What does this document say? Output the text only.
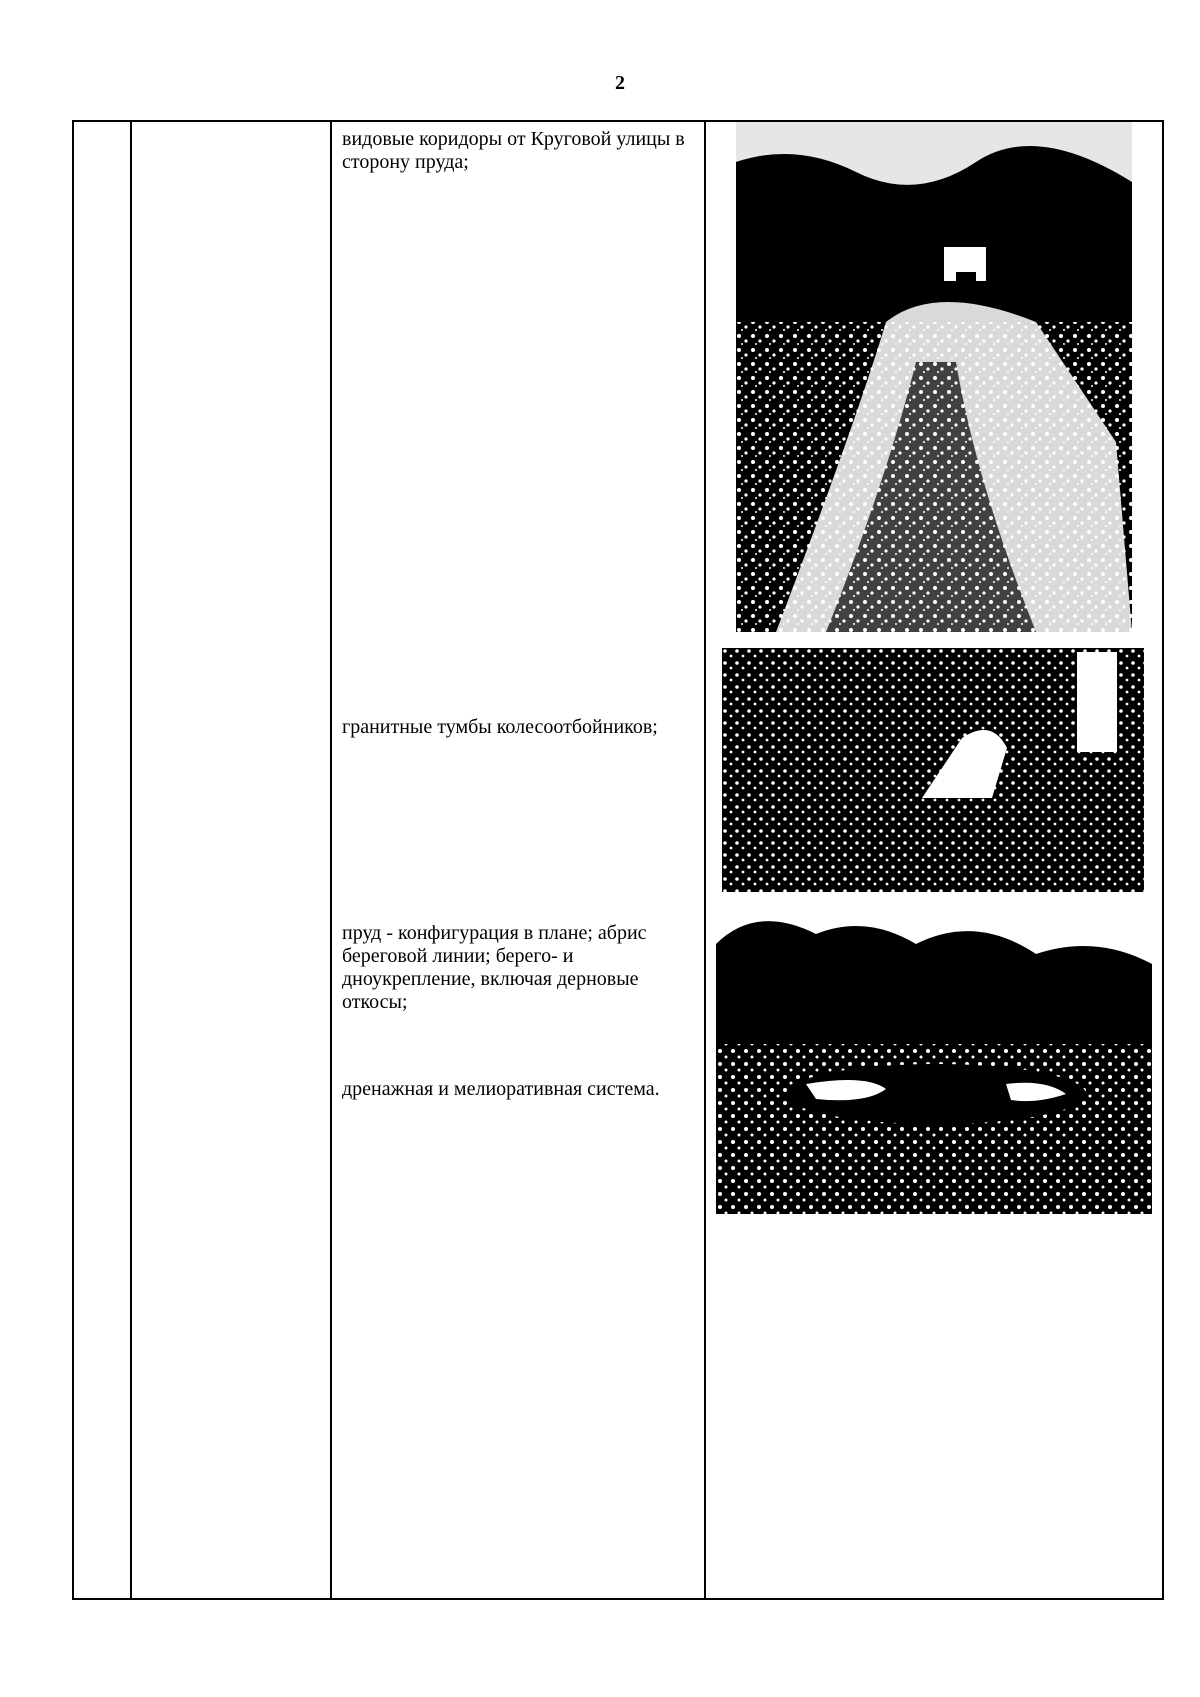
2
видовые коридоры от Круговой улицы в сторону пруда;
гранитные тумбы колесоотбойников;
пруд - конфигурация в плане; абрис береговой линии; берего- и дноукрепление, включая дерновые откосы;
дренажная и мелиоративная система.
